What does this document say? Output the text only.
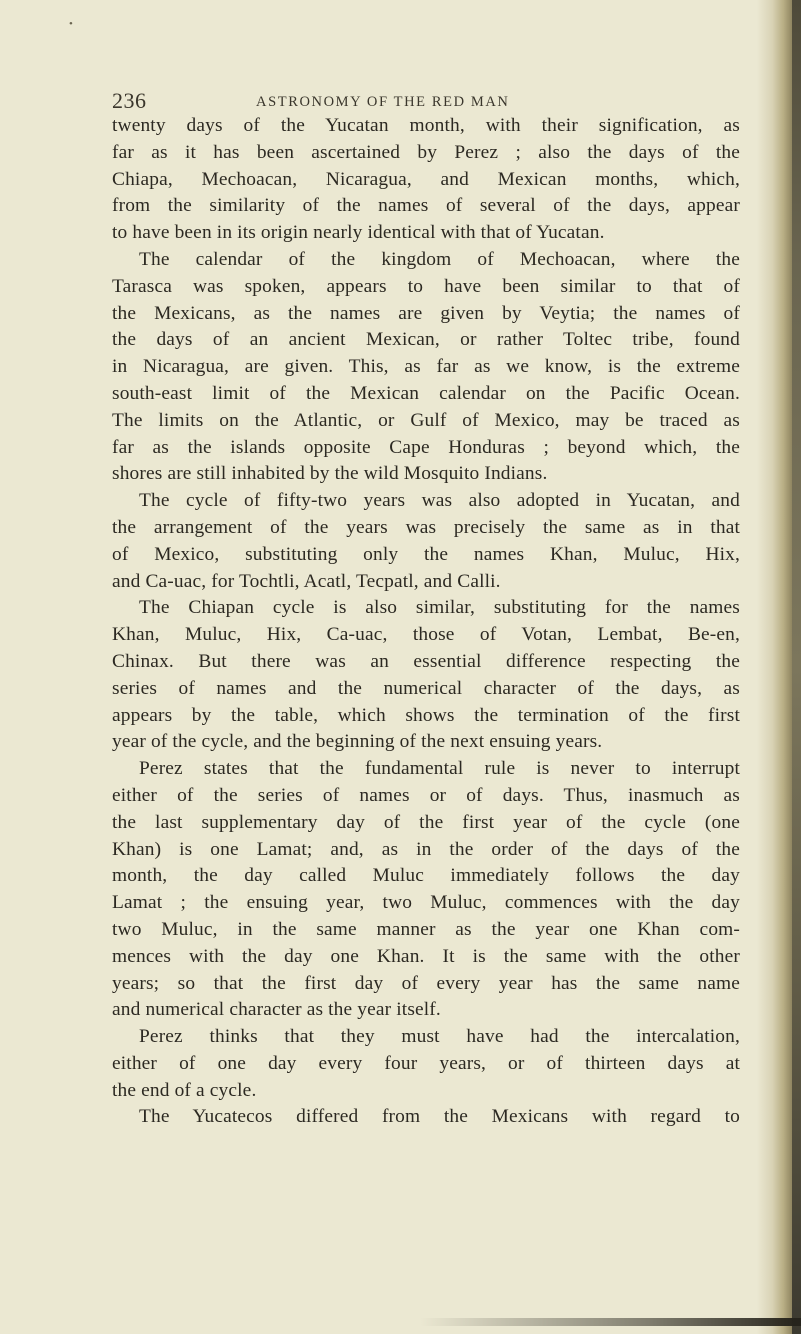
•
236	ASTRONOMY OF THE RED MAN
twenty days of the Yucatan month, with their signification, as
far as it has been ascertained by Perez ; also the days of the
Chiapa, Mechoacan, Nicaragua, and Mexican months, which,
from the similarity of the names of several of the days, appear
to have been in its origin nearly identical with that of Yucatan.
The calendar of the kingdom of Mechoacan, where the
Tarasca was spoken, appears to have been similar to that of
the Mexicans, as the names are given by Veytia; the names of
the days of an ancient Mexican, or rather Toltec tribe, found
in Nicaragua, are given. This, as far as we know, is the extreme
south-east limit of the Mexican calendar on the Pacific Ocean.
The limits on the Atlantic, or Gulf of Mexico, may be traced as
far as the islands opposite Cape Honduras ; beyond which, the
shores are still inhabited by the wild Mosquito Indians.
The cycle of fifty-two years was also adopted in Yucatan, and
the arrangement of the years was precisely the same as in that
of Mexico, substituting only the names Khan, Muluc, Hix,
and Ca-uac, for Tochtli, Acatl, Tecpatl, and Calli.
The Chiapan cycle is also similar, substituting for the names
Khan, Muluc, Hix, Ca-uac, those of Votan, Lembat, Be-en,
Chinax. But there was an essential difference respecting the
series of names and the numerical character of the days, as
appears by the table, which shows the termination of the first
year of the cycle, and the beginning of the next ensuing years.
Perez states that the fundamental rule is never to interrupt
either of the series of names or of days. Thus, inasmuch as
the last supplementary day of the first year of the cycle (one
Khan) is one Lamat; and, as in the order of the days of the
month, the day called Muluc immediately follows the day
Lamat ; the ensuing year, two Muluc, commences with the day
two Muluc, in the same manner as the year one Khan com-
mences with the day one Khan. It is the same with the other
years; so that the first day of every year has the same name
and numerical character as the year itself.
Perez thinks that they must have had the intercalation,
either of one day every four years, or of thirteen days at
the end of a cycle.
The Yucatecos differed from the Mexicans with regard to
